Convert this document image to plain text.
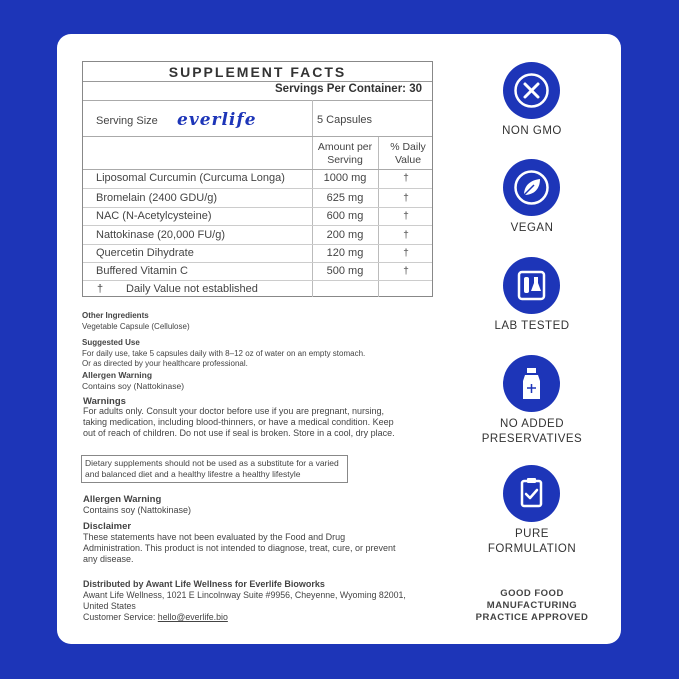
SUPPLEMENT FACTS
Servings Per Container: 30
Serving Size everlife	5 Capsules
Amount per Serving
% Daily Value
Liposomal Curcumin (Curcuma Longa)	1000 mg	†
Bromelain (2400 GDU/g)	625 mg	†
NAC (N-Acetylcysteine)	600 mg	†
Nattokinase (20,000 FU/g)	200 mg	†
Quercetin Dihydrate	120 mg	†
Buffered Vitamin C	500 mg	†
† Daily Value not established
Other Ingredients
Vegetable Capsule (Cellulose)
Suggested Use
For daily use, take 5 capsules daily with 8–12 oz of water on an empty stomach.
Or as directed by your healthcare professional.
Allergen Warning
Contains soy (Nattokinase)
Warnings
For adults only. Consult your doctor before use if you are pregnant, nursing,
taking medication, including blood-thinners, or have a medical condition. Keep
out of reach of children. Do not use if seal is broken. Store in a cool, dry place.
Dietary supplements should not be used as a substitute for a varied
and balanced diet and a healthy lifestre a healthy lifestyle
Allergen Warning
Contains soy (Nattokinase)
Disclaimer
These statements have not been evaluated by the Food and Drug
Administration. This product is not intended to diagnose, treat, cure, or prevent
any disease.
Distributed by Awant Life Wellness for Everlife Bioworks
Awant Life Wellness, 1021 E Lincolnway Suite #9956, Cheyenne, Wyoming 82001,
United States
Customer Service: hello@everlife.bio
NON GMO
VEGAN
LAB TESTED
NO ADDED
PRESERVATIVES
PURE
FORMULATION
GOOD FOOD
MANUFACTURING
PRACTICE APPROVED
